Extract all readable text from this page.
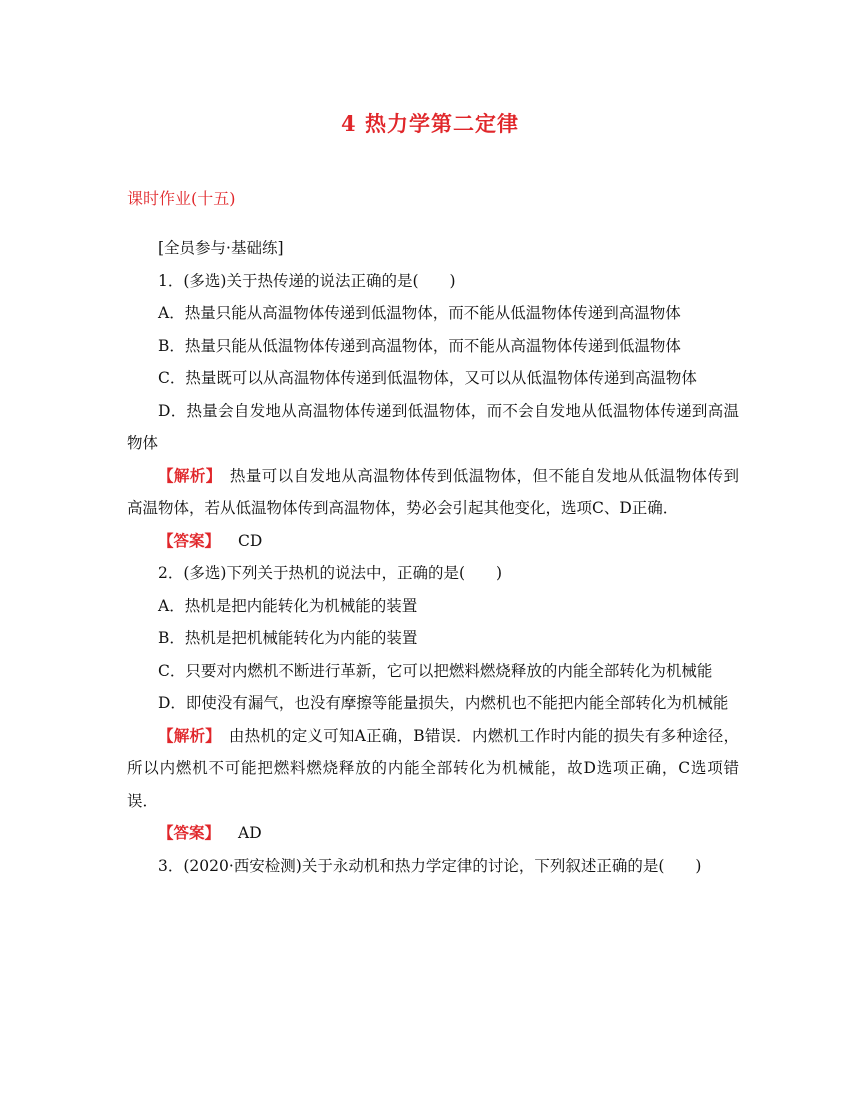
4 热力学第二定律
课时作业(十五)
[全员参与·基础练]
1．(多选)关于热传递的说法正确的是(　　)
A．热量只能从高温物体传递到低温物体，而不能从低温物体传递到高温物体
B．热量只能从低温物体传递到高温物体，而不能从高温物体传递到低温物体
C．热量既可以从高温物体传递到低温物体，又可以从低温物体传递到高温物体
D．热量会自发地从高温物体传递到低温物体，而不会自发地从低温物体传递到高温物体
【解析】　 热量可以自发地从高温物体传到低温物体，但不能自发地从低温物体传到高温物体，若从低温物体传到高温物体，势必会引起其他变化，选项C、D正确．
【答案】 CD
2．(多选)下列关于热机的说法中，正确的是(　　)
A．热机是把内能转化为机械能的装置
B．热机是把机械能转化为内能的装置
C．只要对内燃机不断进行革新，它可以把燃料燃烧释放的内能全部转化为机械能
D．即使没有漏气，也没有摩擦等能量损失，内燃机也不能把内能全部转化为机械能
【解析】　 由热机的定义可知A正确，B错误．内燃机工作时内能的损失有多种途径，所以内燃机不可能把燃料燃烧释放的内能全部转化为机械能，故D选项正确，C选项错误．
【答案】 AD
3．(2020·西安检测)关于永动机和热力学定律的讨论，下列叙述正确的是(　　)
